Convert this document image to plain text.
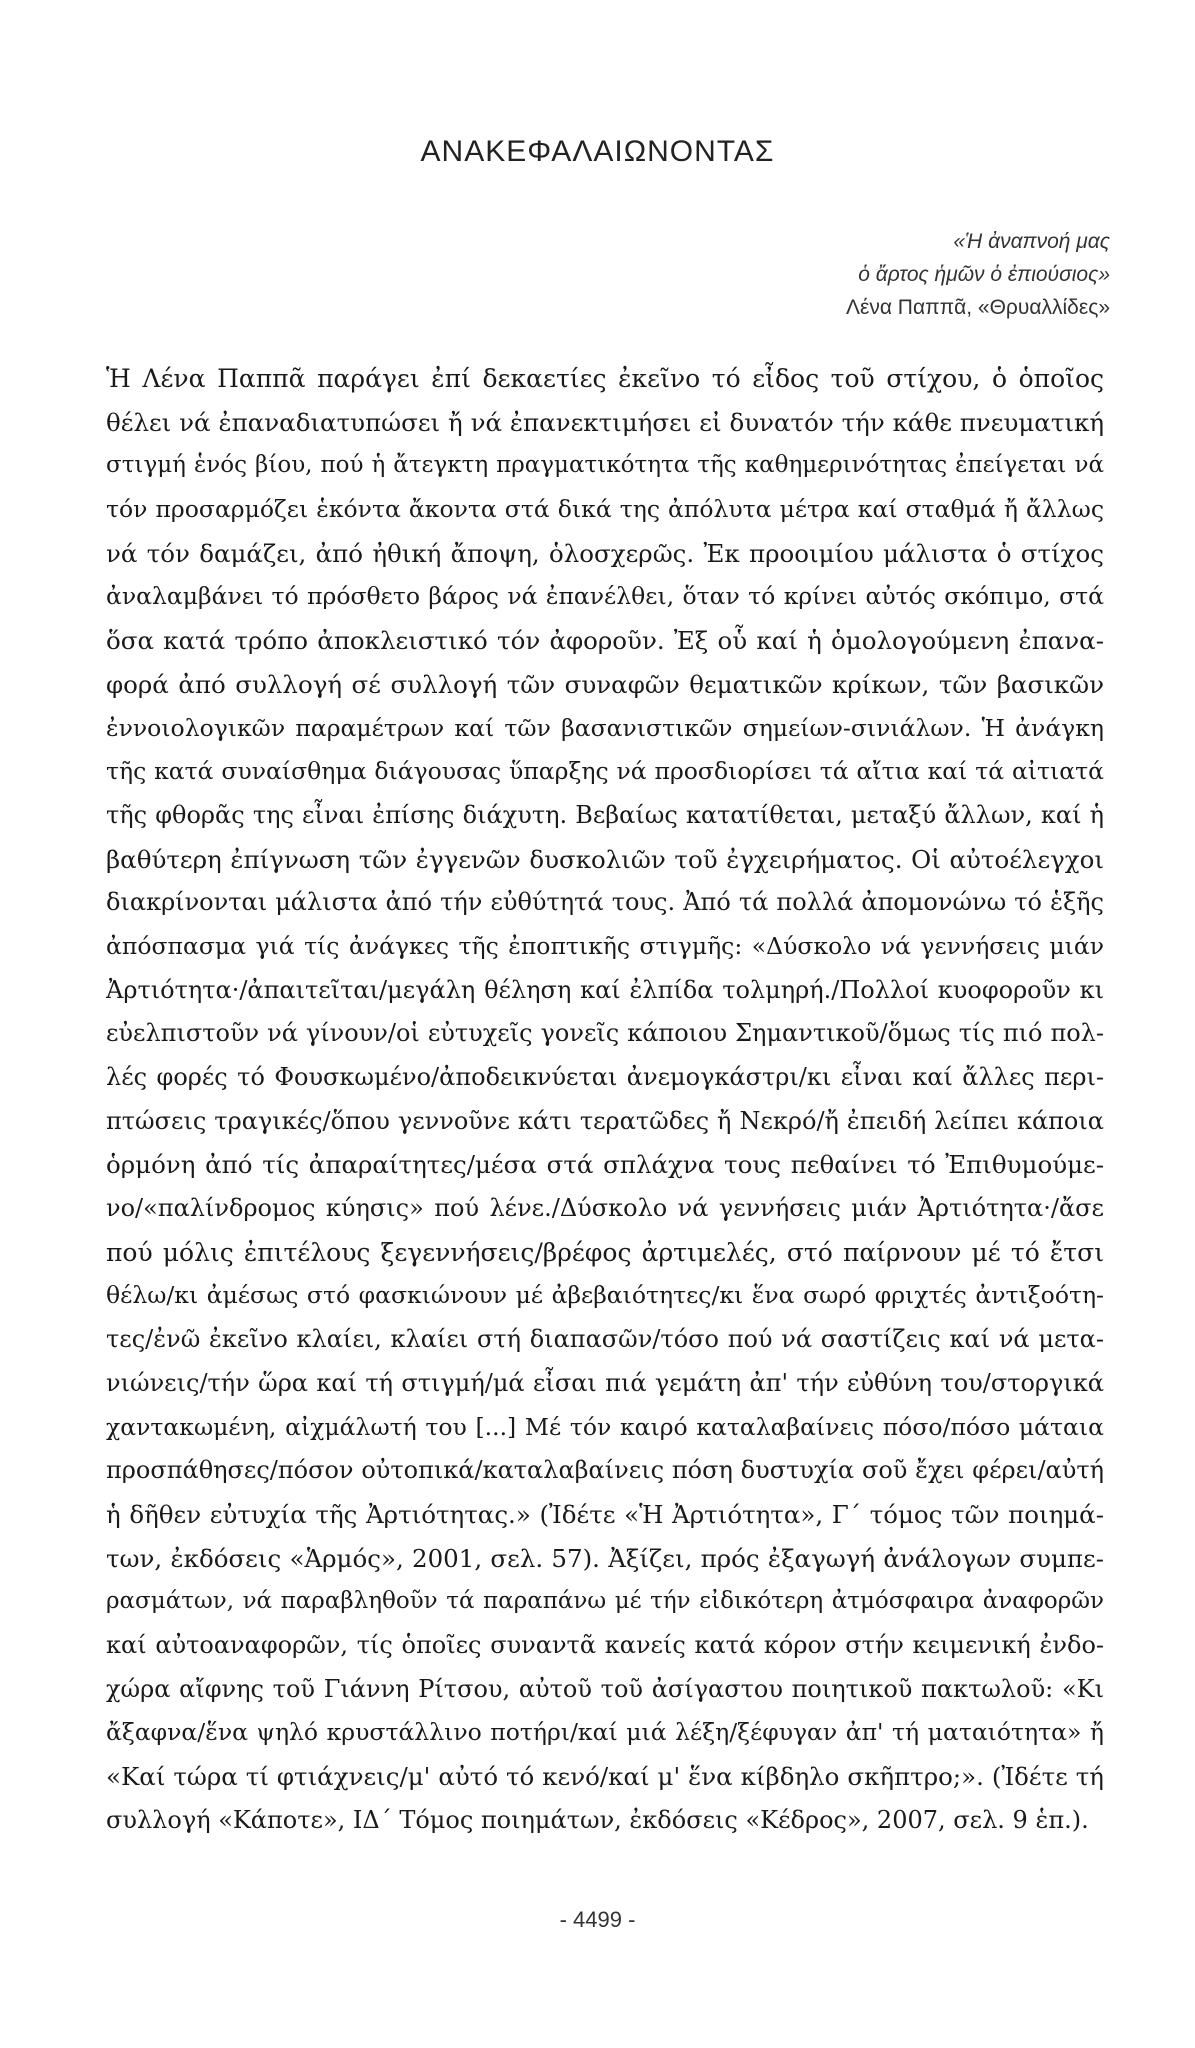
ΑΝΑΚΕΦΑΛΑΙΩΝΟΝΤΑΣ
«Ἡ ἀναπνοή μας
ὁ ἄρτος ἡμῶν ὁ ἐπιούσιος»
Λένα Παππᾶ, «Θρυαλλίδες»
Ἡ Λένα Παππᾶ παράγει ἐπί δεκαετίες ἐκεῖνο τό εἶδος τοῦ στίχου, ὁ ὁποῖος
θέλει νά ἐπαναδιατυπώσει ἤ νά ἐπανεκτιμήσει εἰ δυνατόν τήν κάθε πνευματική
στιγμή ἑνός βίου, πού ἡ ἄτεγκτη πραγματικότητα τῆς καθημερινότητας ἐπείγεται νά
τόν προσαρμόζει ἑκόντα ἄκοντα στά δικά της ἀπόλυτα μέτρα καί σταθμά ἤ ἄλλως
νά τόν δαμάζει, ἀπό ἠθική ἄποψη, ὁλοσχερῶς. Ἐκ προοιμίου μάλιστα ὁ στίχος
ἀναλαμβάνει τό πρόσθετο βάρος νά ἐπανέλθει, ὅταν τό κρίνει αὐτός σκόπιμο, στά
ὅσα κατά τρόπο ἀποκλειστικό τόν ἀφοροῦν. Ἐξ οὗ καί ἡ ὁμολογούμενη ἐπανα-
φορά ἀπό συλλογή σέ συλλογή τῶν συναφῶν θεματικῶν κρίκων, τῶν βασικῶν
ἐννοιολογικῶν παραμέτρων καί τῶν βασανιστικῶν σημείων-σινιάλων. Ἡ ἀνάγκη
τῆς κατά συναίσθημα διάγουσας ὕπαρξης νά προσδιορίσει τά αἴτια καί τά αἰτιατά
τῆς φθορᾶς της εἶναι ἐπίσης διάχυτη. Βεβαίως κατατίθεται, μεταξύ ἄλλων, καί ἡ
βαθύτερη ἐπίγνωση τῶν ἐγγενῶν δυσκολιῶν τοῦ ἐγχειρήματος. Οἱ αὐτοέλεγχοι
διακρίνονται μάλιστα ἀπό τήν εὐθύτητά τους. Ἀπό τά πολλά ἀπομονώνω τό ἑξῆς
ἀπόσπασμα γιά τίς ἀνάγκες τῆς ἐποπτικῆς στιγμῆς: «Δύσκολο νά γεννήσεις μιάν
Ἀρτιότητα·/ἀπαιτεῖται/μεγάλη θέληση καί ἐλπίδα τολμηρή./Πολλοί κυοφοροῦν κι
εὐελπιστοῦν νά γίνουν/οἱ εὐτυχεῖς γονεῖς κάποιου Σημαντικοῦ/ὅμως τίς πιό πολ-
λές φορές τό Φουσκωμένο/ἀποδεικνύεται ἀνεμογκάστρι/κι εἶναι καί ἄλλες περι-
πτώσεις τραγικές/ὅπου γεννοῦνε κάτι τερατῶδες ἤ Νεκρό/ἤ ἐπειδή λείπει κάποια
ὁρμόνη ἀπό τίς ἀπαραίτητες/μέσα στά σπλάχνα τους πεθαίνει τό Ἐπιθυμούμε-
νο/«παλίνδρομος κύησις» πού λένε./Δύσκολο νά γεννήσεις μιάν Ἀρτιότητα·/ἄσε
πού μόλις ἐπιτέλους ξεγεννήσεις/βρέφος ἀρτιμελές, στό παίρνουν μέ τό ἔτσι
θέλω/κι ἀμέσως στό φασκιώνουν μέ ἀβεβαιότητες/κι ἕνα σωρό φριχτές ἀντιξοότη-
τες/ἐνῶ ἐκεῖνο κλαίει, κλαίει στή διαπασῶν/τόσο πού νά σαστίζεις καί νά μετα-
νιώνεις/τήν ὥρα καί τή στιγμή/μά εἶσαι πιά γεμάτη ἀπ' τήν εὐθύνη του/στοργικά
χαντακωμένη, αἰχμάλωτή του [...] Μέ τόν καιρό καταλαβαίνεις πόσο/πόσο μάταια
προσπάθησες/πόσον οὐτοπικά/καταλαβαίνεις πόση δυστυχία σοῦ ἔχει φέρει/αὐτή
ἡ δῆθεν εὐτυχία τῆς Ἀρτιότητας.» (Ἰδέτε «Ἡ Ἀρτιότητα», Γ΄ τόμος τῶν ποιημά-
των, ἐκδόσεις «Ἁρμός», 2001, σελ. 57). Ἀξίζει, πρός ἐξαγωγή ἀνάλογων συμπε-
ρασμάτων, νά παραβληθοῦν τά παραπάνω μέ τήν εἰδικότερη ἀτμόσφαιρα ἀναφορῶν
καί αὐτοαναφορῶν, τίς ὁποῖες συναντᾶ κανείς κατά κόρον στήν κειμενική ἐνδο-
χώρα αἴφνης τοῦ Γιάννη Ρίτσου, αὐτοῦ τοῦ ἀσίγαστου ποιητικοῦ πακτωλοῦ: «Κι
ἄξαφνα/ἕνα ψηλό κρυστάλλινο ποτήρι/καί μιά λέξη/ξέφυγαν ἀπ' τή ματαιότητα» ἤ
«Καί τώρα τί φτιάχνεις/μ' αὐτό τό κενό/καί μ' ἕνα κίβδηλο σκῆπτρο;». (Ἰδέτε τή
συλλογή «Κάποτε», ΙΔ΄ Τόμος ποιημάτων, ἐκδόσεις «Κέδρος», 2007, σελ. 9 ἑπ.).
- 4499 -
